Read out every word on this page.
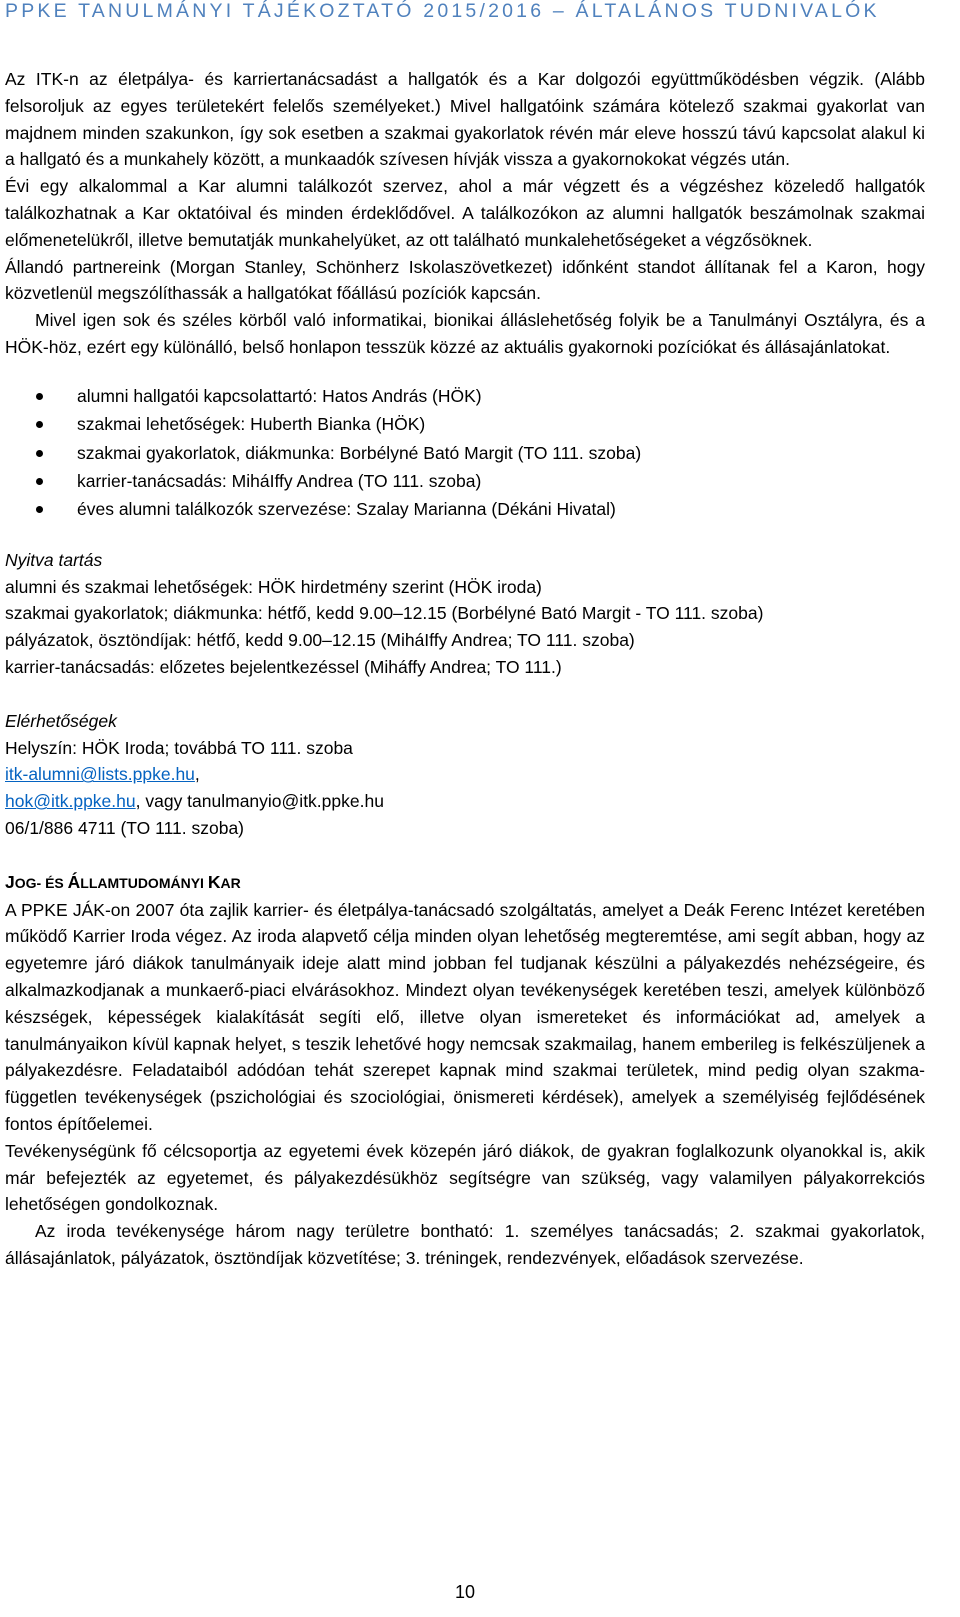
PPKE TANULMÁNYI TÁJÉKOZTATÓ 2015/2016 – ÁLTALÁNOS TUDNIVALÓK

Az ITK-n az életpálya- és karriertanácsadást a hallgatók és a Kar dolgozói együttműködésben végzik. (Alább felsoroljuk az egyes területekért felelős személyeket.) Mivel hallgatóink számára kötelező szakmai gyakorlat van majdnem minden szakunkon, így sok esetben a szakmai gyakorlatok révén már eleve hosszú távú kapcsolat alakul ki a hallgató és a munkahely között, a munkaadók szívesen hívják vissza a gyakornokokat végzés után.

Évi egy alkalommal a Kar alumni találkozót szervez, ahol a már végzett és a végzéshez közeledő hallgatók találkozhatnak a Kar oktatóival és minden érdeklődővel. A találkozókon az alumni hallgatók beszámolnak szakmai előmenetelükről, illetve bemutatják munkahelyüket, az ott található munkalehetőségeket a végzősöknek.

Állandó partnereink (Morgan Stanley, Schönherz Iskolaszövetkezet) időnként standot állítanak fel a Karon, hogy közvetlenül megszólíthassák a hallgatókat főállású pozíciók kapcsán.

Mivel igen sok és széles körből való informatikai, bionikai álláslehetőség folyik be a Tanulmányi Osztályra, és a HÖK-höz, ezért egy különálló, belső honlapon tesszük közzé az aktuális gyakornoki pozíciókat és állásajánlatokat.

alumni hallgatói kapcsolattartó: Hatos András (HÖK)
szakmai lehetőségek: Huberth Bianka (HÖK)
szakmai gyakorlatok, diákmunka: Borbélyné Bató Margit (TO 111. szoba)
karrier-tanácsadás: MiháIffy Andrea (TO 111. szoba)
éves alumni találkozók szervezése: Szalay Marianna (Dékáni Hivatal)

Nyitva tartás

alumni és szakmai lehetőségek: HÖK hirdetmény szerint (HÖK iroda)

szakmai gyakorlatok; diákmunka: hétfő, kedd 9.00–12.15 (Borbélyné Bató Margit - TO 111. szoba)

pályázatok, ösztöndíjak: hétfő, kedd 9.00–12.15 (MiháIffy Andrea; TO 111. szoba)

karrier-tanácsadás: előzetes bejelentkezéssel (Miháffy Andrea; TO 111.)

Elérhetőségek

Helyszín: HÖK Iroda; továbbá TO 111. szoba

itk-alumni@lists.ppke.hu,

hok@itk.ppke.hu, vagy tanulmanyio@itk.ppke.hu

06/1/886 4711 (TO 111. szoba)

JOG- ÉS ÁLLAMTUDOMÁNYI KAR

A PPKE JÁK-on 2007 óta zajlik karrier- és életpálya-tanácsadó szolgáltatás, amelyet a Deák Ferenc Intézet keretében működő Karrier Iroda végez. Az iroda alapvető célja minden olyan lehetőség megteremtése, ami segít abban, hogy az egyetemre járó diákok tanulmányaik ideje alatt mind jobban fel tudjanak készülni a pályakezdés nehézségeire, és alkalmazkodjanak a munkaerő-piaci elvárásokhoz. Mindezt olyan tevékenységek keretében teszi, amelyek különböző készségek, képességek kialakítását segíti elő, illetve olyan ismereteket és információkat ad, amelyek a tanulmányaikon kívül kapnak helyet, s teszik lehetővé hogy nemcsak szakmailag, hanem emberileg is felkészüljenek a pályakezdésre. Feladataiból adódóan tehát szerepet kapnak mind szakmai területek, mind pedig olyan szakmafüggetlen tevékenységek (pszichológiai és szociológiai, önismereti kérdések), amelyek a személyiség fejlődésének fontos építőelemei.

Tevékenységünk fő célcsoportja az egyetemi évek közepén járó diákok, de gyakran foglalkozunk olyanokkal is, akik már befejezték az egyetemet, és pályakezdésükhöz segítségre van szükség, vagy valamilyen pályakorrekciós lehetőségen gondolkoznak.

Az iroda tevékenysége három nagy területre bontható: 1. személyes tanácsadás; 2. szakmai gyakorlatok, állásajánlatok, pályázatok, ösztöndíjak közvetítése; 3. tréningek, rendezvények, előadások szervezése.

10
